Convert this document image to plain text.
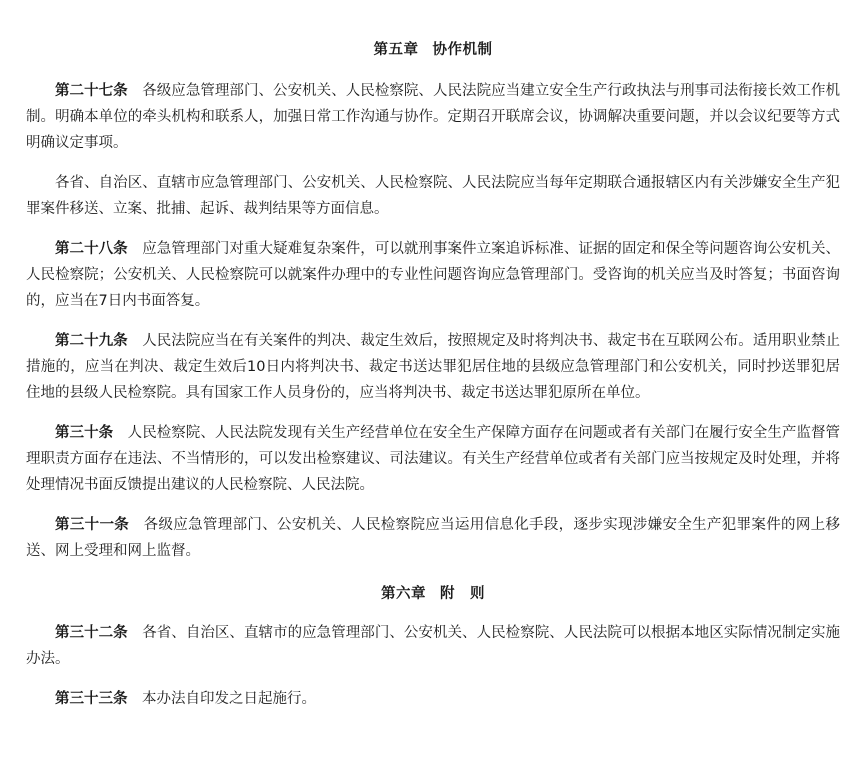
第五章 协作机制

第二十七条 各级应急管理部门、公安机关、人民检察院、人民法院应当建立安全生产行政执法与刑事司法衔接长效工作机制。明确本单位的牵头机构和联系人，加强日常工作沟通与协作。定期召开联席会议，协调解决重要问题，并以会议纪要等方式明确议定事项。

各省、自治区、直辖市应急管理部门、公安机关、人民检察院、人民法院应当每年定期联合通报辖区内有关涉嫌安全生产犯罪案件移送、立案、批捕、起诉、裁判结果等方面信息。

第二十八条 应急管理部门对重大疑难复杂案件，可以就刑事案件立案追诉标准、证据的固定和保全等问题咨询公安机关、人民检察院；公安机关、人民检察院可以就案件办理中的专业性问题咨询应急管理部门。受咨询的机关应当及时答复；书面咨询的，应当在7日内书面答复。

第二十九条 人民法院应当在有关案件的判决、裁定生效后，按照规定及时将判决书、裁定书在互联网公布。适用职业禁止措施的，应当在判决、裁定生效后10日内将判决书、裁定书送达罪犯居住地的县级应急管理部门和公安机关，同时抄送罪犯居住地的县级人民检察院。具有国家工作人员身份的，应当将判决书、裁定书送达罪犯原所在单位。

第三十条 人民检察院、人民法院发现有关生产经营单位在安全生产保障方面存在问题或者有关部门在履行安全生产监督管理职责方面存在违法、不当情形的，可以发出检察建议、司法建议。有关生产经营单位或者有关部门应当按规定及时处理，并将处理情况书面反馈提出建议的人民检察院、人民法院。

第三十一条 各级应急管理部门、公安机关、人民检察院应当运用信息化手段，逐步实现涉嫌安全生产犯罪案件的网上移送、网上受理和网上监督。

第六章 附　则

第三十二条 各省、自治区、直辖市的应急管理部门、公安机关、人民检察院、人民法院可以根据本地区实际情况制定实施办法。

第三十三条 本办法自印发之日起施行。
